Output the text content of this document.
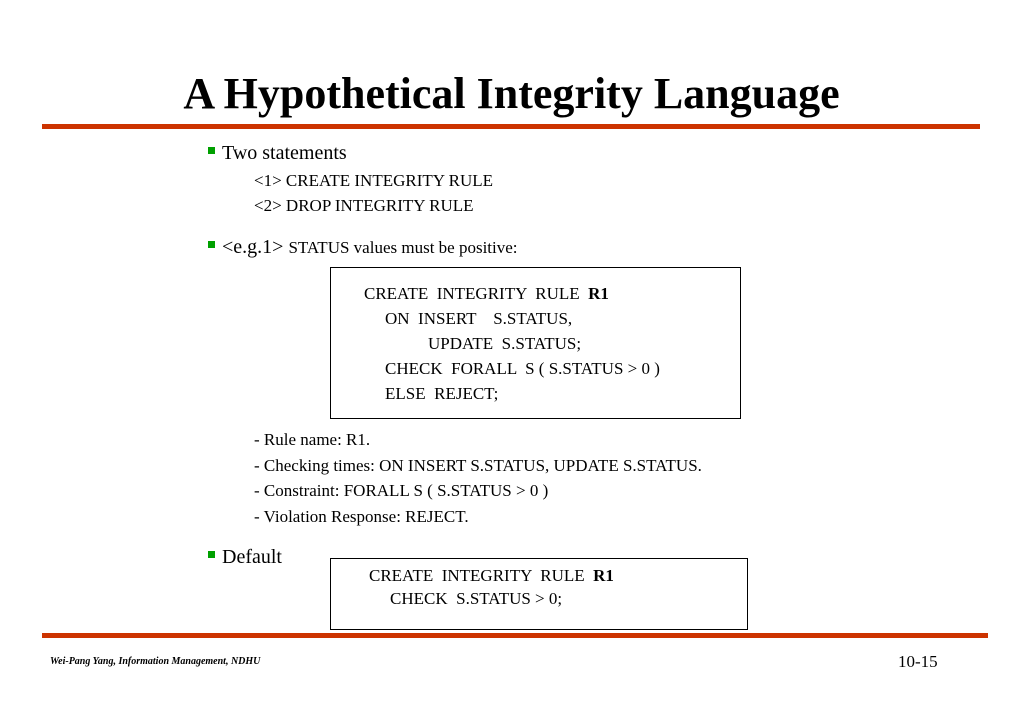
A Hypothetical Integrity Language
Two statements
<1> CREATE INTEGRITY RULE
<2> DROP INTEGRITY RULE
<e.g.1> STATUS values must be positive:
CREATE  INTEGRITY  RULE  R1
ON  INSERT    S.STATUS,
UPDATE  S.STATUS;
CHECK  FORALL  S ( S.STATUS > 0 )
ELSE  REJECT;
- Rule name: R1.
- Checking times: ON INSERT S.STATUS, UPDATE S.STATUS.
- Constraint: FORALL S ( S.STATUS > 0 )
- Violation Response: REJECT.
Default
CREATE  INTEGRITY  RULE  R1
CHECK  S.STATUS > 0;
Wei-Pang Yang, Information Management, NDHU	10-15
